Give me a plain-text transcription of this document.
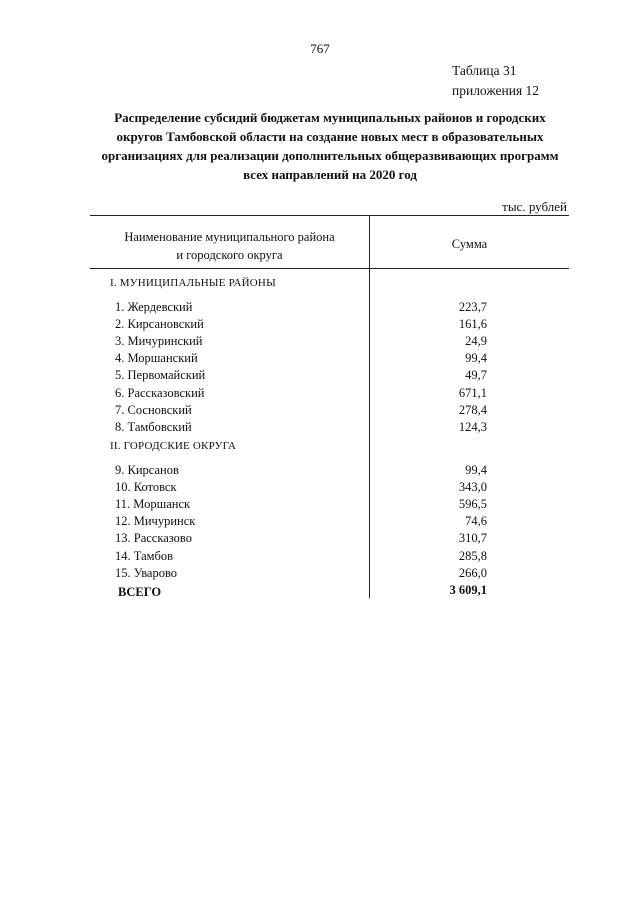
767
Таблица 31
приложения 12
Распределение субсидий бюджетам муниципальных районов и городских
округов Тамбовской области на создание новых мест в образовательных
организациях для реализации дополнительных общеразвивающих программ
всех направлений на 2020 год
тыс. рублей
Наименование муниципального района
и городского округа
Сумма
I. МУНИЦИПАЛЬНЫЕ РАЙОНЫ
1. Жердевский	223,7
2. Кирсановский	161,6
3. Мичуринский	24,9
4. Моршанский	99,4
5. Первомайский	49,7
6. Рассказовский	671,1
7. Сосновский	278,4
8. Тамбовский	124,3
II. ГОРОДСКИЕ ОКРУГА
9. Кирсанов	99,4
10. Котовск	343,0
11. Моршанск	596,5
12. Мичуринск	74,6
13. Рассказово	310,7
14. Тамбов	285,8
15. Уварово	266,0
ВСЕГО	3 609,1
